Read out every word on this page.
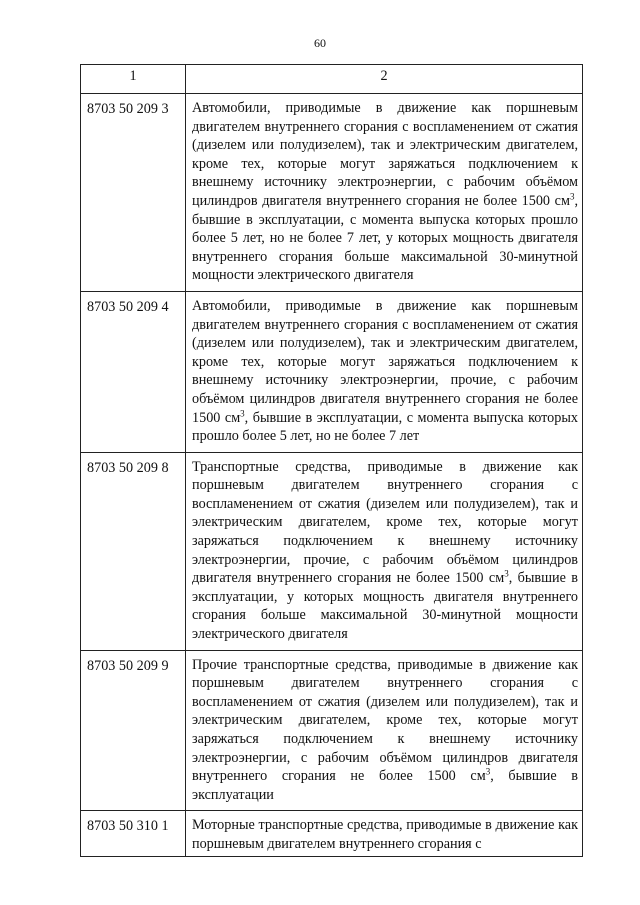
60
1	2
8703 50 209 3	Автомобили, приводимые в движение как поршневым двигателем внутреннего сгорания с воспламенением от сжатия (дизелем или полудизелем), так и электрическим двигателем, кроме тех, которые могут заряжаться подключением к внешнему источнику электроэнергии, с рабочим объёмом цилиндров двигателя внутреннего сгорания не более 1500 $см^3$, бывшие в эксплуатации, с момента выпуска которых прошло более 5 лет, но не более 7 лет, у которых мощность двигателя внутреннего сгорания больше максимальной 30-минутной мощности электрического двигателя
8703 50 209 4	Автомобили, приводимые в движение как поршневым двигателем внутреннего сгорания с воспламенением от сжатия (дизелем или полудизелем), так и электрическим двигателем, кроме тех, которые могут заряжаться подключением к внешнему источнику электроэнергии, прочие, с рабочим объёмом цилиндров двигателя внутреннего сгорания не более 1500 $см^3$, бывшие в эксплуатации, с момента выпуска которых прошло более 5 лет, но не более 7 лет
8703 50 209 8	Транспортные средства, приводимые в движение как поршневым двигателем внутреннего сгорания с воспламенением от сжатия (дизелем или полудизелем), так и электрическим двигателем, кроме тех, которые могут заряжаться подключением к внешнему источнику электроэнергии, прочие, с рабочим объёмом цилиндров двигателя внутреннего сгорания не более 1500 $см^3$, бывшие в эксплуатации, у которых мощность двигателя внутреннего сгорания больше максимальной 30-минутной мощности электрического двигателя
8703 50 209 9	Прочие транспортные средства, приводимые в движение как поршневым двигателем внутреннего сгорания с воспламенением от сжатия (дизелем или полудизелем), так и электрическим двигателем, кроме тех, которые могут заряжаться подключением к внешнему источнику электроэнергии, с рабочим объёмом цилиндров двигателя внутреннего сгорания не более 1500 $см^3$, бывшие в эксплуатации
8703 50 310 1	Моторные транспортные средства, приводимые в движение как поршневым двигателем внутреннего сгорания с
